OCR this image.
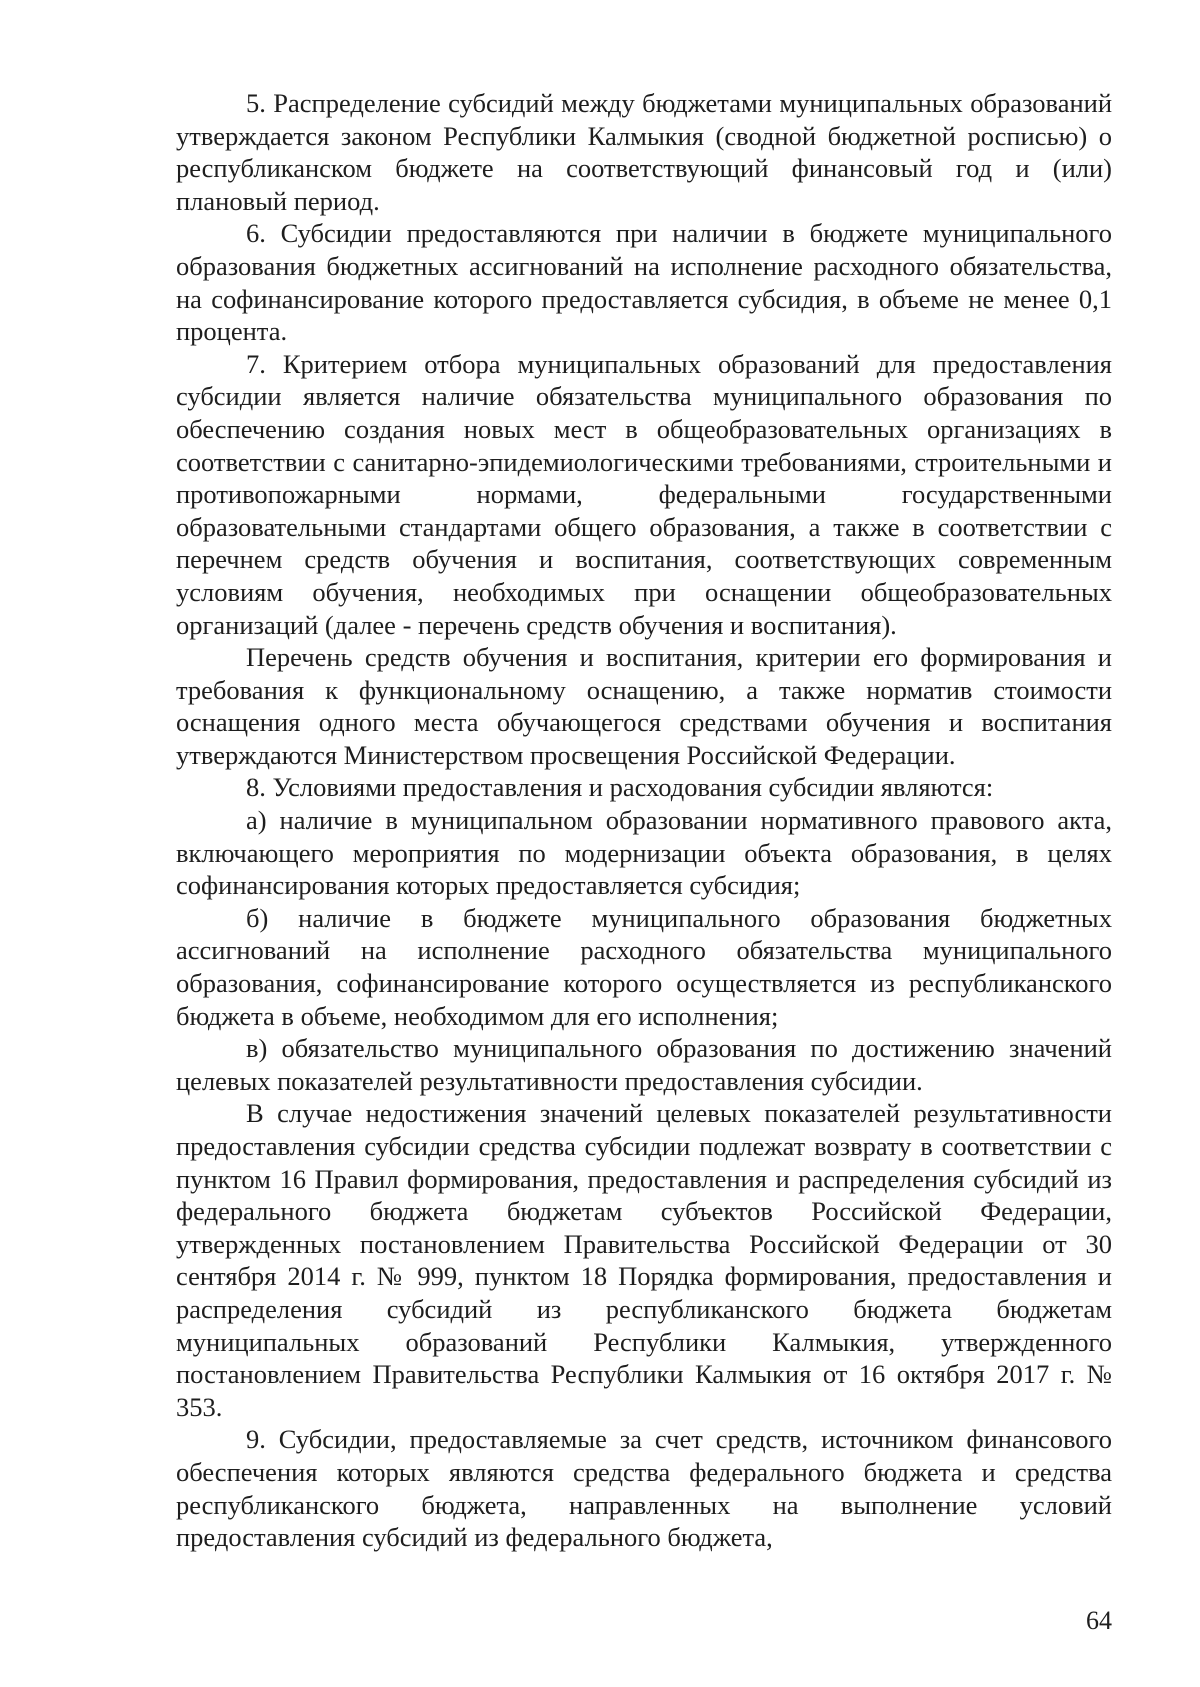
5. Распределение субсидий между бюджетами муниципальных образований утверждается законом Республики Калмыкия (сводной бюджетной росписью) о республиканском бюджете на соответствующий финансовый год и (или) плановый период.

6. Субсидии предоставляются при наличии в бюджете муниципального образования бюджетных ассигнований на исполнение расходного обязательства, на софинансирование которого предоставляется субсидия, в объеме не менее 0,1 процента.

7. Критерием отбора муниципальных образований для предоставления субсидии является наличие обязательства муниципального образования по обеспечению создания новых мест в общеобразовательных организациях в соответствии с санитарно-эпидемиологическими требованиями, строительными и противопожарными нормами, федеральными государственными образовательными стандартами общего образования, а также в соответствии с перечнем средств обучения и воспитания, соответствующих современным условиям обучения, необходимых при оснащении общеобразовательных организаций (далее - перечень средств обучения и воспитания).

Перечень средств обучения и воспитания, критерии его формирования и требования к функциональному оснащению, а также норматив стоимости оснащения одного места обучающегося средствами обучения и воспитания утверждаются Министерством просвещения Российской Федерации.

8. Условиями предоставления и расходования субсидии являются:

а) наличие в муниципальном образовании нормативного правового акта, включающего мероприятия по модернизации объекта образования, в целях софинансирования которых предоставляется субсидия;

б) наличие в бюджете муниципального образования бюджетных ассигнований на исполнение расходного обязательства муниципального образования, софинансирование которого осуществляется из республиканского бюджета в объеме, необходимом для его исполнения;

в) обязательство муниципального образования по достижению значений целевых показателей результативности предоставления субсидии.

В случае недостижения значений целевых показателей результативности предоставления субсидии средства субсидии подлежат возврату в соответствии с пунктом 16 Правил формирования, предоставления и распределения субсидий из федерального бюджета бюджетам субъектов Российской Федерации, утвержденных постановлением Правительства Российской Федерации от 30 сентября 2014 г. № 999, пунктом 18 Порядка формирования, предоставления и распределения субсидий из республиканского бюджета бюджетам муниципальных образований Республики Калмыкия, утвержденного постановлением Правительства Республики Калмыкия от 16 октября 2017 г. № 353.

9. Субсидии, предоставляемые за счет средств, источником финансового обеспечения которых являются средства федерального бюджета и средства республиканского бюджета, направленных на выполнение условий предоставления субсидий из федерального бюджета,

64
